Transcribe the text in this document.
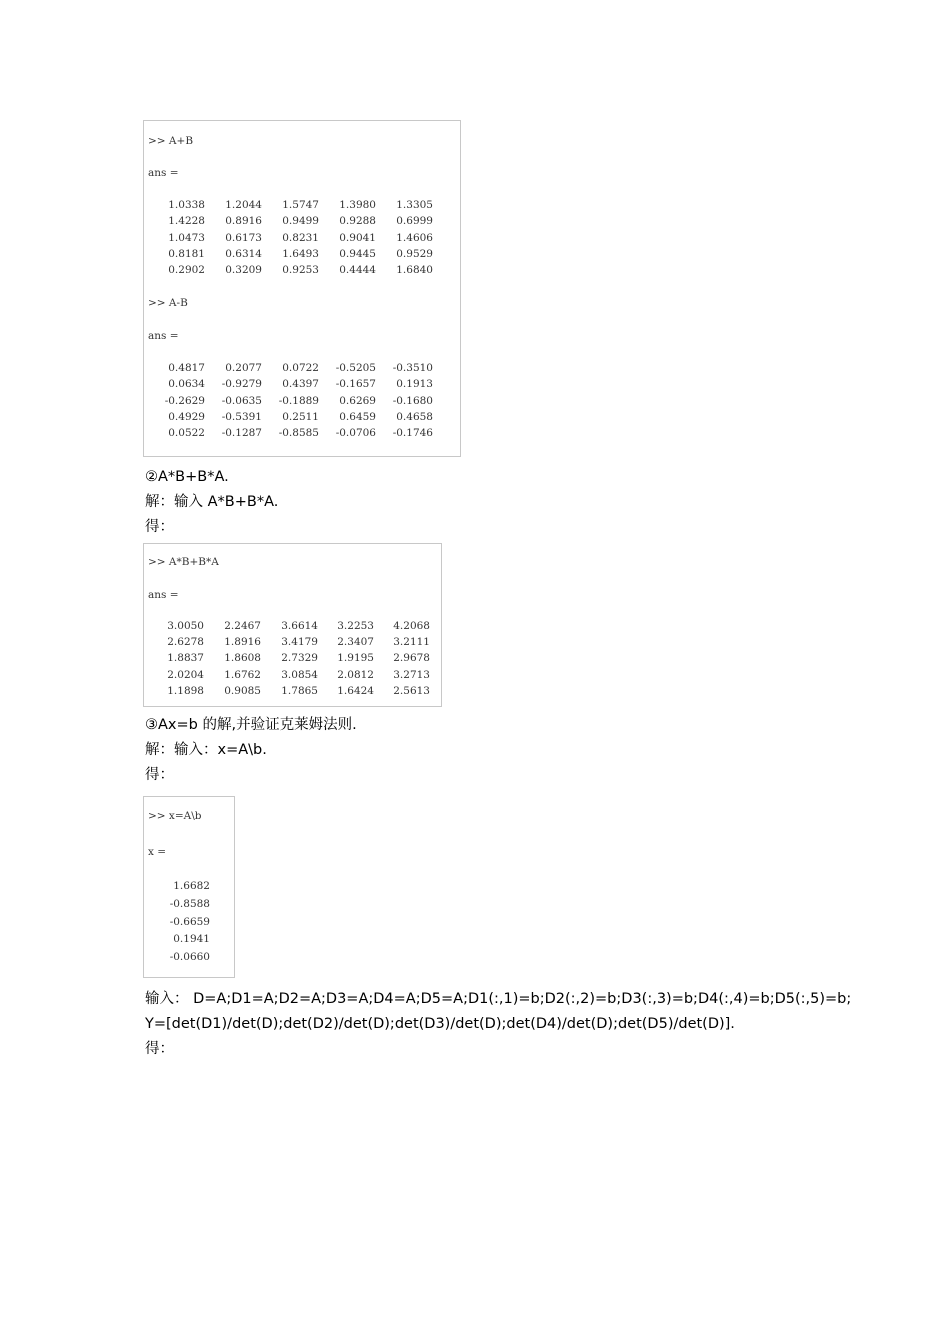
>> A+B
ans =
1.0338 1.2044 1.5747 1.3980 1.3305
1.4228 0.8916 0.9499 0.9288 0.6999
1.0473 0.6173 0.8231 0.9041 1.4606
0.8181 0.6314 1.6493 0.9445 0.9529
0.2902 0.3209 0.9253 0.4444 1.6840
>> A-B
ans =
0.4817 0.2077 0.0722 -0.5205 -0.3510
0.0634 -0.9279 0.4397 -0.1657 0.1913
-0.2629 -0.0635 -0.1889 0.6269 -0.1680
0.4929 -0.5391 0.2511 0.6459 0.4658
0.0522 -0.1287 -0.8585 -0.0706 -0.1746
②A*B+B*A.
解：输入 A*B+B*A.
得：
>> A*B+B*A
ans =
3.0050 2.2467 3.6614 3.2253 4.2068
2.6278 1.8916 3.4179 2.3407 3.2111
1.8837 1.8608 2.7329 1.9195 2.9678
2.0204 1.6762 3.0854 2.0812 3.2713
1.1898 0.9085 1.7865 1.6424 2.5613
③Ax=b 的解,并验证克莱姆法则.
解：输入：x=A\b.
得：
>> x=A\b
x =
1.6682
-0.8588
-0.6659
0.1941
-0.0660
输入： D=A;D1=A;D2=A;D3=A;D4=A;D5=A;D1(:,1)=b;D2(:,2)=b;D3(:,3)=b;D4(:,4)=b;D5(:,5)=b;
Y=[det(D1)/det(D);det(D2)/det(D);det(D3)/det(D);det(D4)/det(D);det(D5)/det(D)].
得：
